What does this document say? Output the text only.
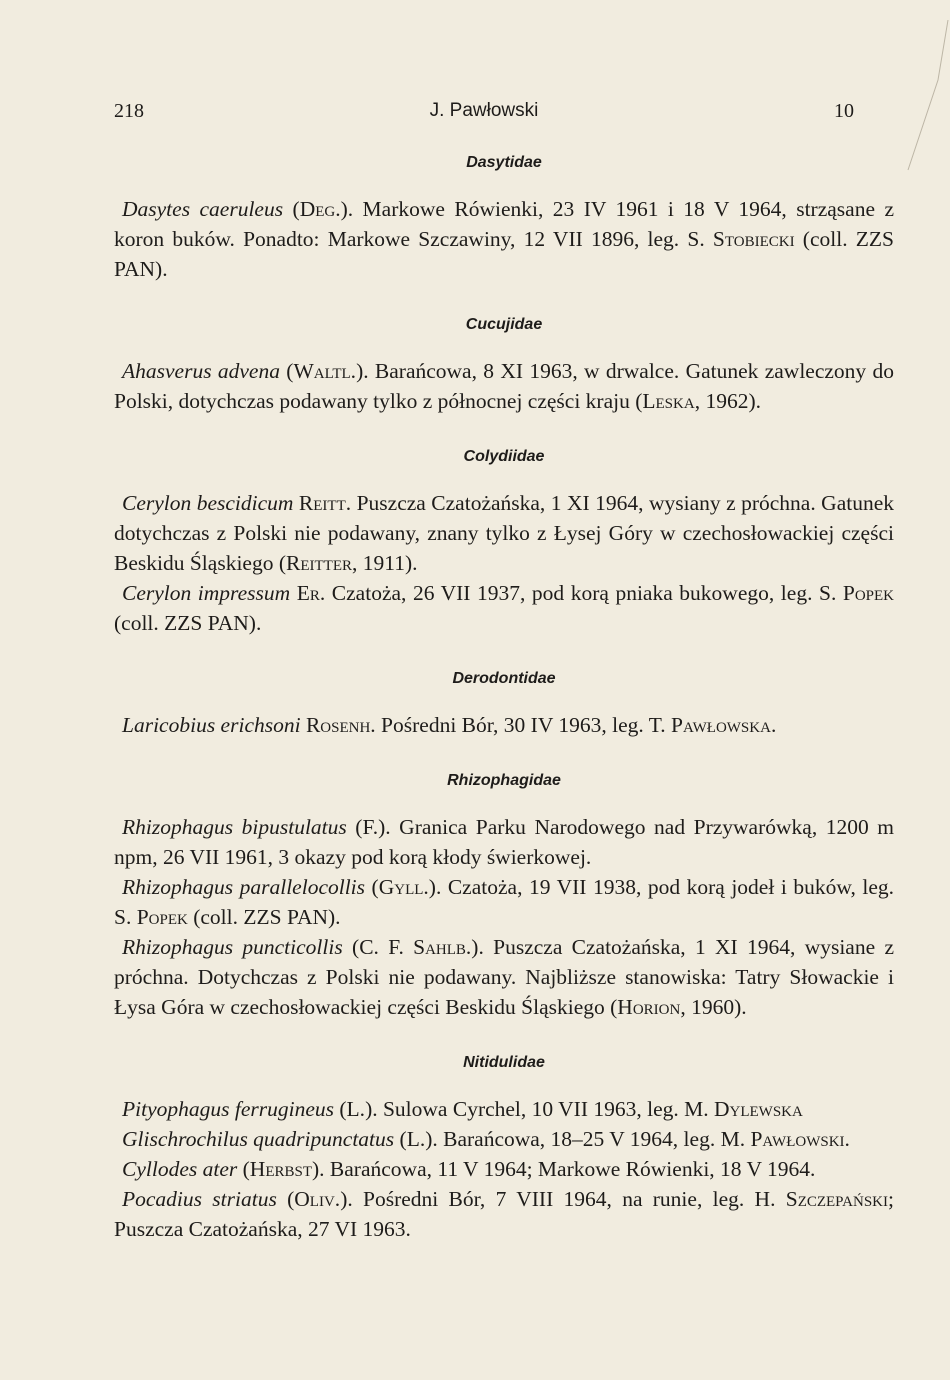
218	J. Pawłowski	10
Dasytidae

Dasytes caeruleus (Deg.). Markowe Rówienki, 23 IV 1961 i 18 V 1964, strząsane z koron buków. Ponadto: Markowe Szczawiny, 12 VII 1896, leg. S. Stobiecki (coll. ZZS PAN).

Cucujidae

Ahasverus advena (Waltl.). Barańcowa, 8 XI 1963, w drwalce. Gatunek zawleczony do Polski, dotychczas podawany tylko z północnej części kraju (Leska, 1962).

Colydiidae

Cerylon bescidicum Reitt. Puszcza Czatożańska, 1 XI 1964, wysiany z próchna. Gatunek dotychczas z Polski nie podawany, znany tylko z Łysej Góry w czechosłowackiej części Beskidu Śląskiego (Reitter, 1911).

Cerylon impressum Er. Czatoża, 26 VII 1937, pod korą pniaka bukowego, leg. S. Popek (coll. ZZS PAN).

Derodontidae

Laricobius erichsoni Rosenh. Pośredni Bór, 30 IV 1963, leg. T. Pawłowska.

Rhizophagidae

Rhizophagus bipustulatus (F.). Granica Parku Narodowego nad Przywarówką, 1200 m npm, 26 VII 1961, 3 okazy pod korą kłody świerkowej.

Rhizophagus parallelocollis (Gyll.). Czatoża, 19 VII 1938, pod korą jodeł i buków, leg. S. Popek (coll. ZZS PAN).

Rhizophagus puncticollis (C. F. Sahlb.). Puszcza Czatożańska, 1 XI 1964, wysiane z próchna. Dotychczas z Polski nie podawany. Najbliższe stanowiska: Tatry Słowackie i Łysa Góra w czechosłowackiej części Beskidu Śląskiego (Horion, 1960).

Nitidulidae

Pityophagus ferrugineus (L.). Sulowa Cyrchel, 10 VII 1963, leg. M. Dylewska

Glischrochilus quadripunctatus (L.). Barańcowa, 18–25 V 1964, leg. M. Pawłowski.

Cyllodes ater (Herbst). Barańcowa, 11 V 1964; Markowe Rówienki, 18 V 1964.

Pocadius striatus (Oliv.). Pośredni Bór, 7 VIII 1964, na runie, leg. H. Szczepański; Puszcza Czatożańska, 27 VI 1963.
